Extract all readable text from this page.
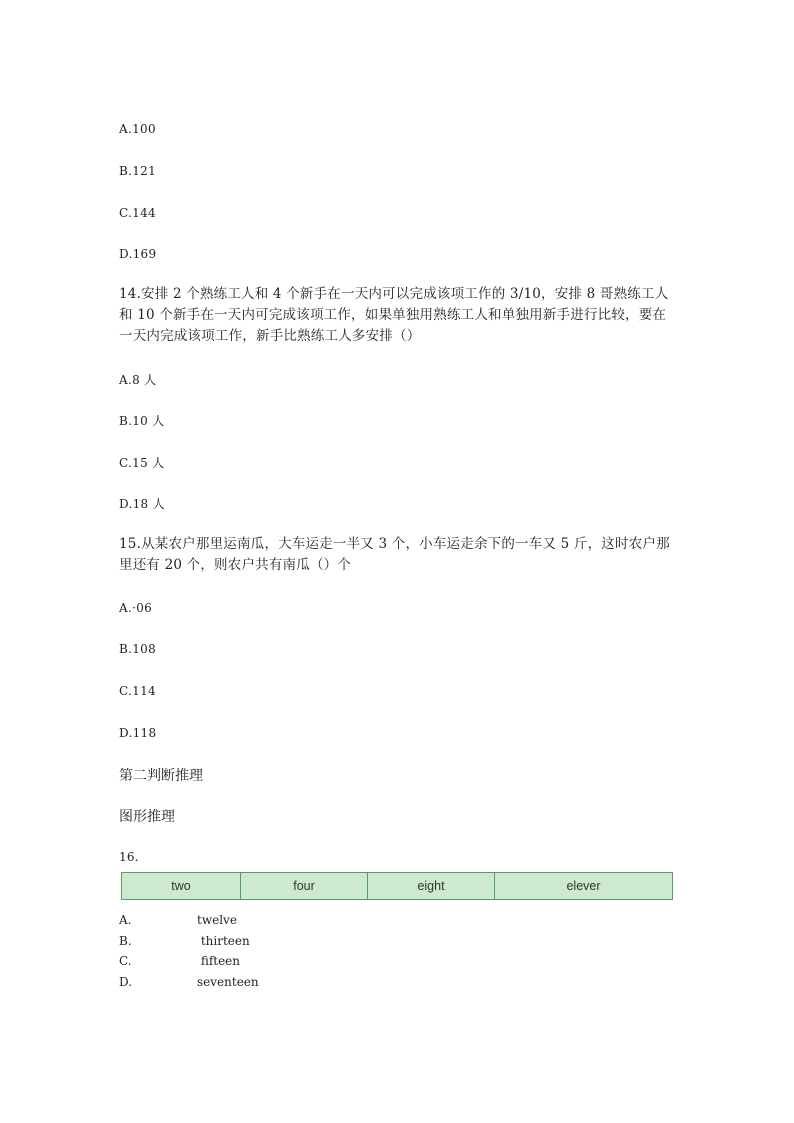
A.100
B.121
C.144
D.169
14.安排 2 个熟练工人和 4 个新手在一天内可以完成该项工作的 3/10，安排 8 哥熟练工人和 10 个新手在一天内可完成该项工作，如果单独用熟练工人和单独用新手进行比较，要在一天内完成该项工作，新手比熟练工人多安排（）
A.8 人
B.10 人
C.15 人
D.18 人
15.从某农户那里运南瓜，大车运走一半又 3 个，小车运走余下的一车又 5 斤，这时农户那里还有 20 个，则农户共有南瓜（）个
A.·06
B.108
C.114
D.118
第二判断推理
图形推理
16.
two	four	eight	elever
A.	twelve
B.	thirteen
C.	fifteen
D.	seventeen
